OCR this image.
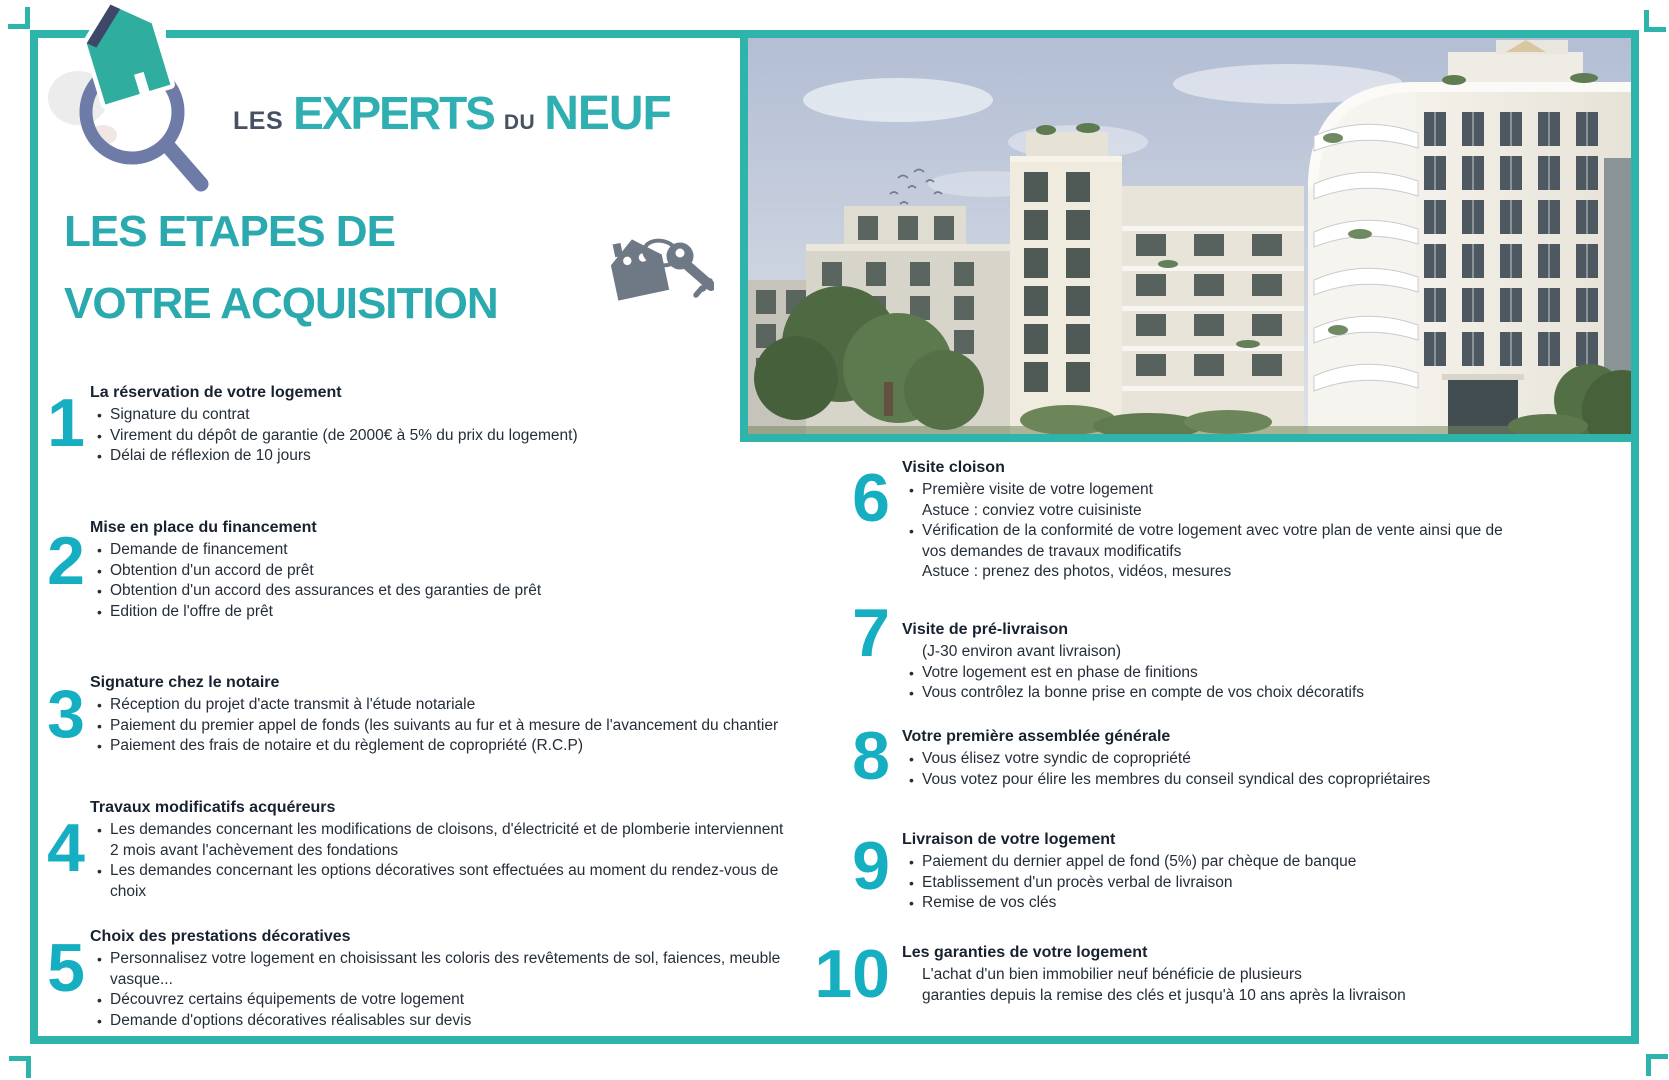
LES EXPERTS DU NEUF
LES ETAPES DE
VOTRE ACQUISITION
1 La réservation de votre logement
• Signature du contrat
• Virement du dépôt de garantie (de 2000€ à 5% du prix du logement)
• Délai de réflexion de 10 jours
2 Mise en place du financement
• Demande de financement
• Obtention d'un accord de prêt
• Obtention d'un accord des assurances et des garanties de prêt
• Edition de l'offre de prêt
3 Signature chez le notaire
• Réception du projet d'acte transmit à l'étude notariale
• Paiement du premier appel de fonds (les suivants au fur et à mesure de l'avancement du chantier
• Paiement des frais de notaire et du règlement de copropriété (R.C.P)
4
Travaux modificatifs acquéreurs
• Les demandes concernant les modifications de cloisons, d'électricité et de plomberie interviennent 2 mois avant l'achèvement des fondations
• Les demandes concernant les options décoratives sont effectuées au moment du rendez-vous de choix
5 Choix des prestations décoratives
• Personnalisez votre logement en choisissant les coloris des revêtements de sol, faiences, meuble vasque...
• Découvrez certains équipements de votre logement
• Demande d'options décoratives réalisables sur devis
6 Visite cloison
• Première visite de votre logement
Astuce : conviez votre cuisiniste
• Vérification de la conformité de votre logement avec votre plan de vente ainsi que de vos demandes de travaux modificatifs
Astuce : prenez des photos, vidéos, mesures
7 Visite de pré-livraison
(J-30 environ avant livraison)
• Votre logement est en phase de finitions
• Vous contrôlez la bonne prise en compte de vos choix décoratifs
8 Votre première assemblée générale
• Vous élisez votre syndic de copropriété
• Vous votez pour élire les membres du conseil syndical des copropriétaires
9 Livraison de votre logement
• Paiement du dernier appel de fond (5%) par chèque de banque
• Etablissement d'un procès verbal de livraison
• Remise de vos clés
10 Les garanties de votre logement
L'achat d'un bien immobilier neuf bénéficie de plusieurs
garanties depuis la remise des clés et jusqu'à 10 ans après la livraison
